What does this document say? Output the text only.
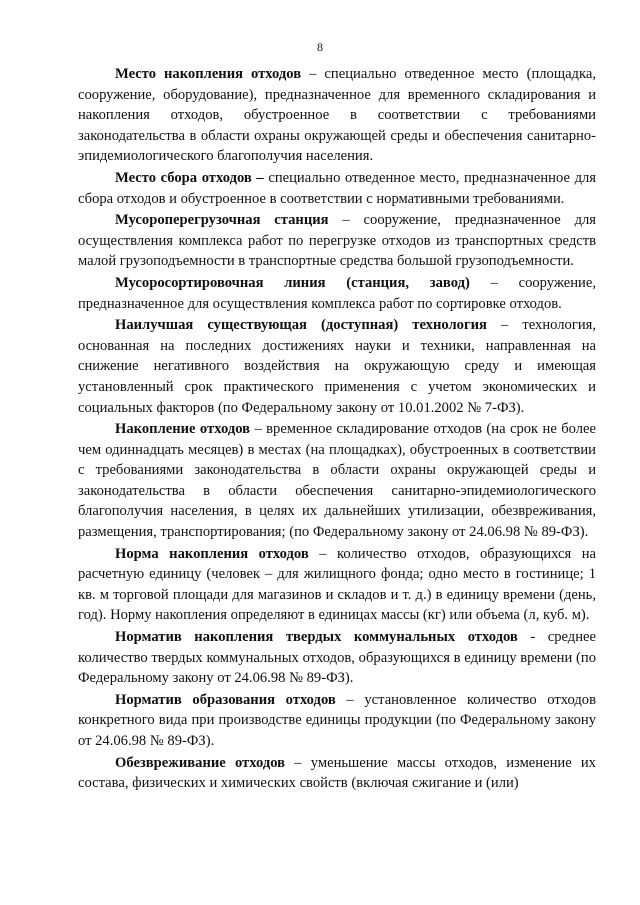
8

Место накопления отходов – специально отведенное место (площадка, сооружение, оборудование), предназначенное для временного складирования и накопления отходов, обустроенное в соответствии с требованиями законодательства в области охраны окружающей среды и обеспечения санитарно-эпидемиологического благополучия населения.

Место сбора отходов – специально отведенное место, предназначенное для сбора отходов и обустроенное в соответствии с нормативными требованиями.

Мусороперегрузочная станция – сооружение, предназначенное для осуществления комплекса работ по перегрузке отходов из транспортных средств малой грузоподъемности в транспортные средства большой грузоподъемности.

Мусоросортировочная линия (станция, завод) – сооружение, предназначенное для осуществления комплекса работ по сортировке отходов.

Наилучшая существующая (доступная) технология – технология, основанная на последних достижениях науки и техники, направленная на снижение негативного воздействия на окружающую среду и имеющая установленный срок практического применения с учетом экономических и социальных факторов (по Федеральному закону от 10.01.2002 № 7-ФЗ).

Накопление отходов – временное складирование отходов (на срок не более чем одиннадцать месяцев) в местах (на площадках), обустроенных в соответствии с требованиями законодательства в области охраны окружающей среды и законодательства в области обеспечения санитарно-эпидемиологического благополучия населения, в целях их дальнейших утилизации, обезвреживания, размещения, транспортирования; (по Федеральному закону от 24.06.98 № 89-ФЗ).

Норма накопления отходов – количество отходов, образующихся на расчетную единицу (человек – для жилищного фонда; одно место в гостинице; 1 кв. м торговой площади для магазинов и складов и т. д.) в единицу времени (день, год). Норму накопления определяют в единицах массы (кг) или объема (л, куб. м).

Норматив накопления твердых коммунальных отходов - среднее количество твердых коммунальных отходов, образующихся в единицу времени (по Федеральному закону от 24.06.98 № 89-ФЗ).

Норматив образования отходов – установленное количество отходов конкретного вида при производстве единицы продукции (по Федеральному закону от 24.06.98 № 89-ФЗ).

Обезвреживание отходов – уменьшение массы отходов, изменение их состава, физических и химических свойств (включая сжигание и (или)
